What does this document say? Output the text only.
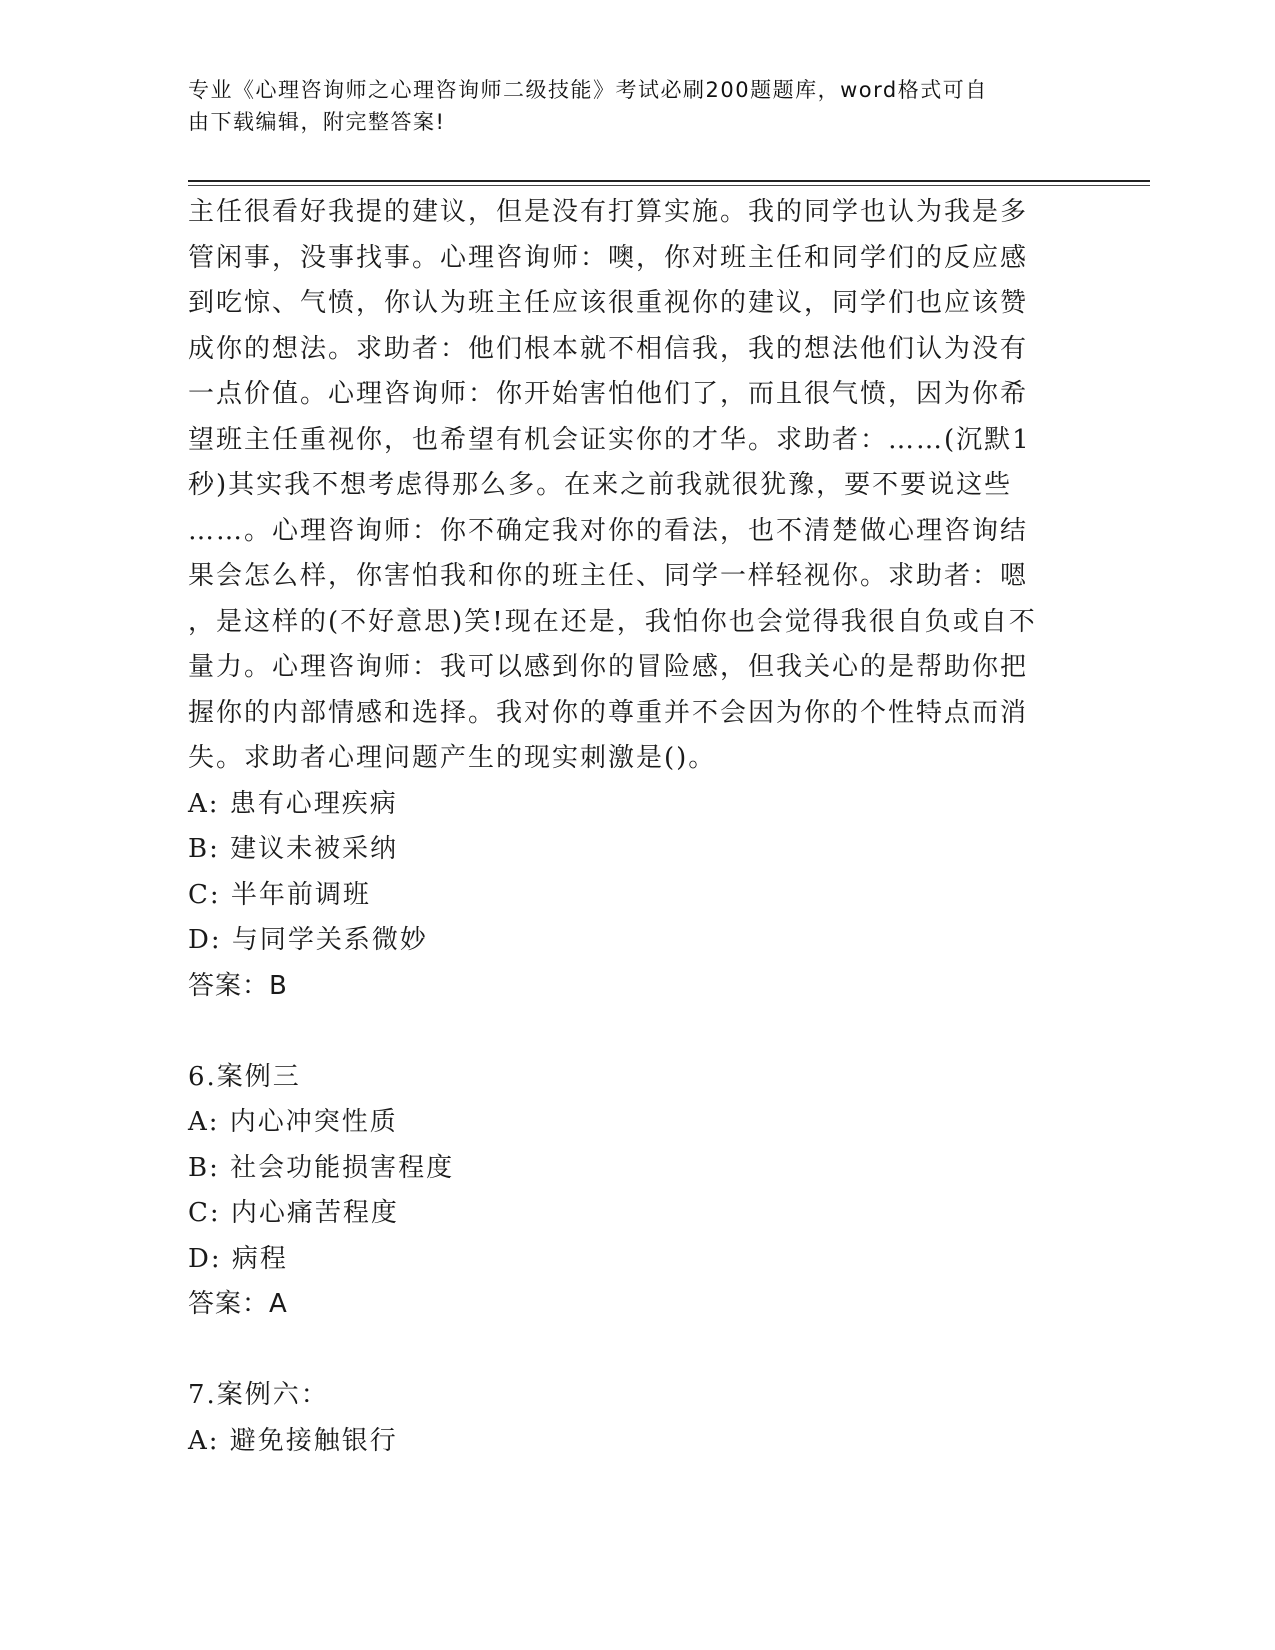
专业《心理咨询师之心理咨询师二级技能》考试必刷200题题库，word格式可自
由下载编辑，附完整答案!

主任很看好我提的建议，但是没有打算实施。我的同学也认为我是多

管闲事，没事找事。心理咨询师：噢，你对班主任和同学们的反应感

到吃惊、气愤，你认为班主任应该很重视你的建议，同学们也应该赞

成你的想法。求助者：他们根本就不相信我，我的想法他们认为没有

一点价值。心理咨询师：你开始害怕他们了，而且很气愤，因为你希

望班主任重视你，也希望有机会证实你的才华。求助者：……(沉默1

秒)其实我不想考虑得那么多。在来之前我就很犹豫，要不要说这些

……。心理咨询师：你不确定我对你的看法，也不清楚做心理咨询结

果会怎么样，你害怕我和你的班主任、同学一样轻视你。求助者：嗯

，是这样的(不好意思)笑!现在还是，我怕你也会觉得我很自负或自不

量力。心理咨询师：我可以感到你的冒险感，但我关心的是帮助你把

握你的内部情感和选择。我对你的尊重并不会因为你的个性特点而消

失。求助者心理问题产生的现实刺激是()。

A: 患有心理疾病

B: 建议未被采纳

C: 半年前调班

D: 与同学关系微妙

答案：B

6.案例三

A: 内心冲突性质

B: 社会功能损害程度

C: 内心痛苦程度

D: 病程

答案：A

7.案例六：

A: 避免接触银行
